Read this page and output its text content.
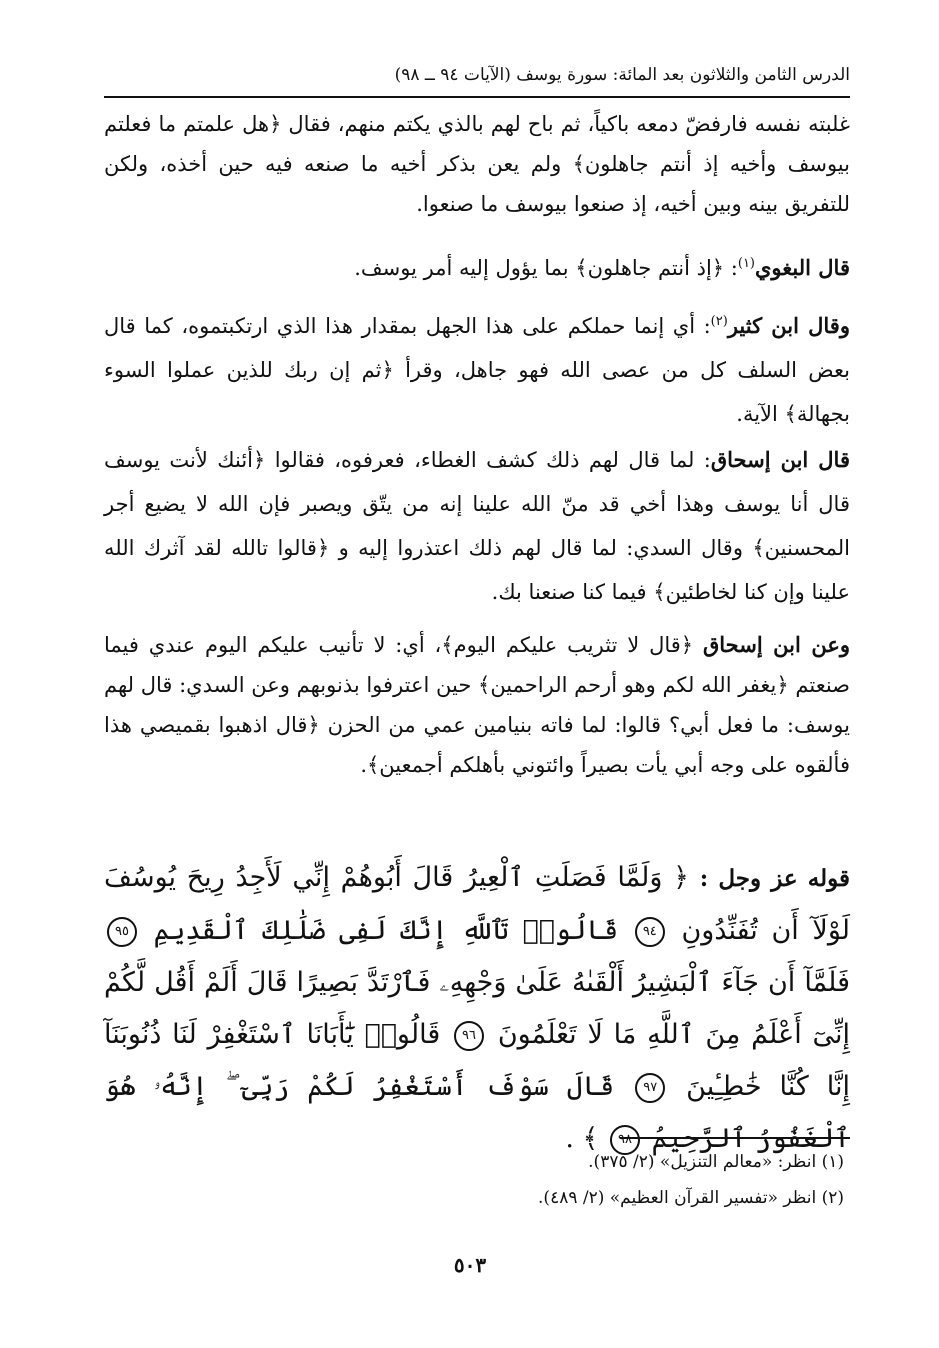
الدرس الثامن والثلاثون بعد المائة: سورة يوسف (الآيات ٩٤ ــ ٩٨)

غلبته نفسه فارفضّ دمعه باكياً، ثم باح لهم بالذي يكتم منهم، فقال ﴿هل علمتم ما فعلتم بيوسف وأخيه إذ أنتم جاهلون﴾ ولم يعن بذكر أخيه ما صنعه فيه حين أخذه، ولكن للتفريق بينه وبين أخيه، إذ صنعوا بيوسف ما صنعوا.

قال البغوي$^{(١)}$: ﴿إذ أنتم جاهلون﴾ بما يؤول إليه أمر يوسف.

وقال ابن كثير$^{(٢)}$: أي إنما حملكم على هذا الجهل بمقدار هذا الذي ارتكبتموه، كما قال بعض السلف كل من عصى الله فهو جاهل، وقرأ ﴿ثم إن ربك للذين عملوا السوء بجهالة﴾ الآية.

قال ابن إسحاق: لما قال لهم ذلك كشف الغطاء، فعرفوه، فقالوا ﴿أئنك لأنت يوسف قال أنا يوسف وهذا أخي قد منّ الله علينا إنه من يتّق ويصبر فإن الله لا يضيع أجر المحسنين﴾ وقال السدي: لما قال لهم ذلك اعتذروا إليه و ﴿قالوا تالله لقد آثرك الله علينا وإن كنا لخاطئين﴾ فيما كنا صنعنا بك.

وعن ابن إسحاق ﴿قال لا تثريب عليكم اليوم﴾، أي: لا تأنيب عليكم اليوم عندي فيما صنعتم ﴿يغفر الله لكم وهو أرحم الراحمين﴾ حين اعترفوا بذنوبهم وعن السدي: قال لهم يوسف: ما فعل أبي؟ قالوا: لما فاته بنيامين عمي من الحزن ﴿قال اذهبوا بقميصي هذا فألقوه على وجه أبي يأت بصيراً وائتوني بأهلكم أجمعين﴾.

قوله عز وجل : ﴿ وَلَمَّا فَصَلَتِ ٱلْعِيرُ قَالَ أَبُوهُمْ إِنِّي لَأَجِدُ رِيحَ يُوسُفَ لَوْلَآ أَن تُفَنِّدُونِ ٩٤ قَالُوا۟ تَٱللَّهِ إِنَّكَ لَفِى ضَلَٰلِكَ ٱلْقَدِيمِ ٩٥ فَلَمَّآ أَن جَآءَ ٱلْبَشِيرُ أَلْقَىٰهُ عَلَىٰ وَجْهِهِۦ فَٱرْتَدَّ بَصِيرًا قَالَ أَلَمْ أَقُل لَّكُمْ إِنِّىٓ أَعْلَمُ مِنَ ٱللَّهِ مَا لَا تَعْلَمُونَ ٩٦ قَالُوا۟ يَٰٓأَبَانَا ٱسْتَغْفِرْ لَنَا ذُنُوبَنَآ إِنَّا كُنَّا خَٰطِـِٔينَ ٩٧ قَالَ سَوْفَ أَسْتَغْفِرُ لَكُمْ رَبِّىٓ ۖ إِنَّهُۥ هُوَ ٱلْغَفُورُ ٱلرَّحِيمُ ٩٨ ﴾ .

(١) انظر: «معالم التنزيل» (٢/ ٣٧٥).
(٢) انظر «تفسير القرآن العظيم» (٢/ ٤٨٩).
٥٠٣
